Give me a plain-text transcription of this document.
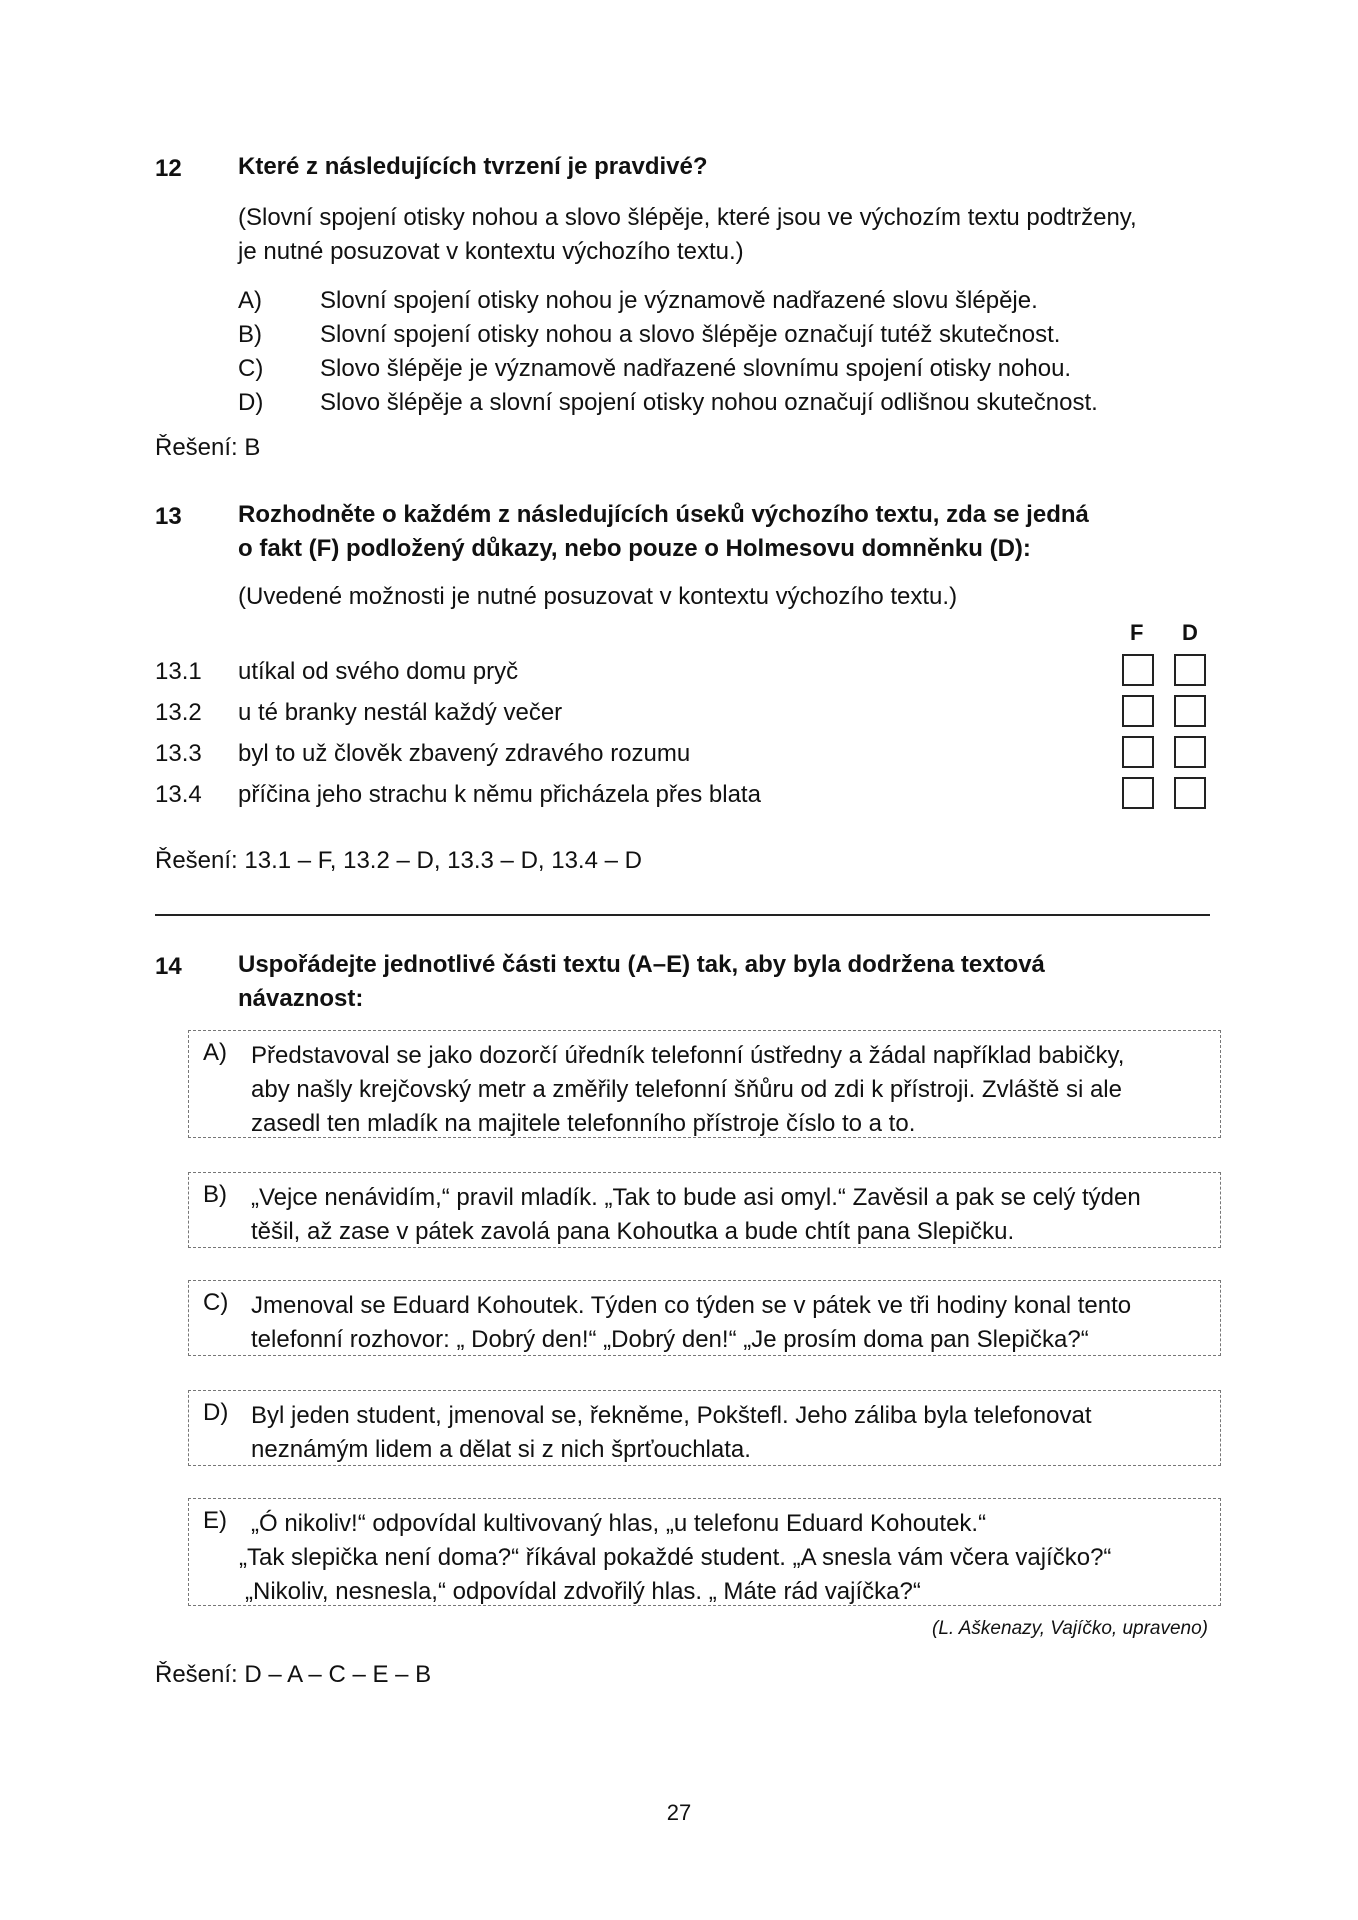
12 Které z následujících tvrzení je pravdivé?
(Slovní spojení otisky nohou a slovo šlépěje, které jsou ve výchozím textu podtrženy,
je nutné posuzovat v kontextu výchozího textu.)
A) Slovní spojení otisky nohou je významově nadřazené slovu šlépěje.
B) Slovní spojení otisky nohou a slovo šlépěje označují tutéž skutečnost.
C) Slovo šlépěje je významově nadřazené slovnímu spojení otisky nohou.
D) Slovo šlépěje a slovní spojení otisky nohou označují odlišnou skutečnost.
Řešení: B
13 Rozhodněte o každém z následujících úseků výchozího textu, zda se jedná
o fakt (F) podložený důkazy, nebo pouze o Holmesovu domněnku (D):
(Uvedené možnosti je nutné posuzovat v kontextu výchozího textu.)
F D
13.1 utíkal od svého domu pryč
13.2 u té branky nestál každý večer
13.3 byl to už člověk zbavený zdravého rozumu
13.4 příčina jeho strachu k němu přicházela přes blata
Řešení: 13.1 – F, 13.2 – D, 13.3 – D, 13.4 – D
14 Uspořádejte jednotlivé části textu (A–E) tak, aby byla dodržena textová
návaznost:
A) Představoval se jako dozorčí úředník telefonní ústředny a žádal například babičky,
aby našly krejčovský metr a změřily telefonní šňůru od zdi k přístroji. Zvláště si ale
zasedl ten mladík na majitele telefonního přístroje číslo to a to.
B) „Vejce nenávidím,“ pravil mladík. „Tak to bude asi omyl.“ Zavěsil a pak se celý týden
těšil, až zase v pátek zavolá pana Kohoutka a bude chtít pana Slepičku.
C) Jmenoval se Eduard Kohoutek. Týden co týden se v pátek ve tři hodiny konal tento
telefonní rozhovor: „ Dobrý den!“ „Dobrý den!“ „Je prosím doma pan Slepička?“
D) Byl jeden student, jmenoval se, řekněme, Pokštefl. Jeho záliba byla telefonovat
neznámým lidem a dělat si z nich šprťouchlata.
E)	„Ó nikoliv!“ odpovídal kultivovaný hlas, „u telefonu Eduard Kohoutek.“
„Tak slepička není doma?“ říkával pokaždé student. „A snesla vám včera vajíčko?“
„Nikoliv, nesnesla,“ odpovídal zdvořilý hlas. „ Máte rád vajíčka?“
(L. Aškenazy, Vajíčko, upraveno)
Řešení: D – A – C – E – B
27
